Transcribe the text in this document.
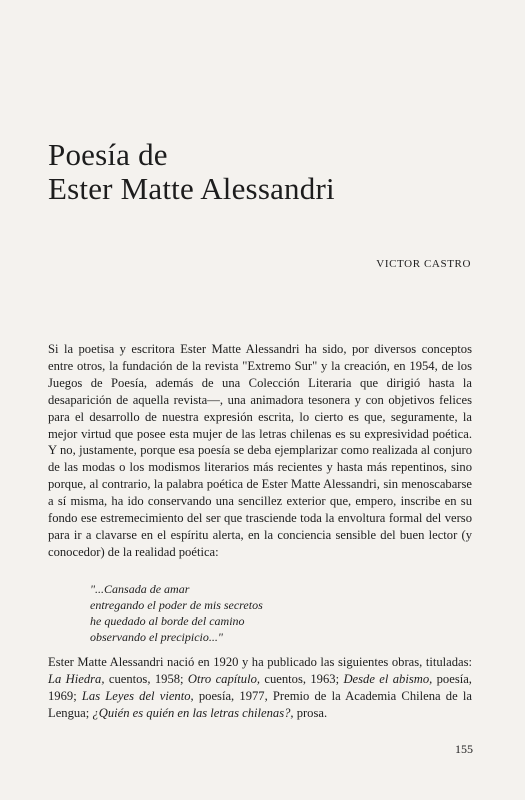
Poesía de
Ester Matte Alessandri

VICTOR CASTRO

Si la poetisa y escritora Ester Matte Alessandri ha sido, por diversos conceptos entre otros, la fundación de la revista "Extremo Sur" y la creación, en 1954, de los Juegos de Poesía, además de una Colección Literaria que dirigió hasta la desaparición de aquella revista—, una animadora tesonera y con objetivos felices para el desarrollo de nuestra expresión escrita, lo cierto es que, seguramente, la mejor virtud que posee esta mujer de las letras chilenas es su expresividad poética. Y no, justamente, porque esa poesía se deba ejemplarizar como realizada al conjuro de las modas o los modismos literarios más recientes y hasta más repentinos, sino porque, al contrario, la palabra poética de Ester Matte Alessandri, sin menoscabarse a sí misma, ha ido conservando una sencillez exterior que, empero, inscribe en su fondo ese estremecimiento del ser que trasciende toda la envoltura formal del verso para ir a clavarse en el espíritu alerta, en la conciencia sensible del buen lector (y conocedor) de la realidad poética:

"...Cansada de amar
entregando el poder de mis secretos
he quedado al borde del camino
observando el precipicio..."

Ester Matte Alessandri nació en 1920 y ha publicado las siguientes obras, tituladas: La Hiedra, cuentos, 1958; Otro capítulo, cuentos, 1963; Desde el abismo, poesía, 1969; Las Leyes del viento, poesía, 1977, Premio de la Academia Chilena de la Lengua; ¿Quién es quién en las letras chilenas?, prosa.

155
